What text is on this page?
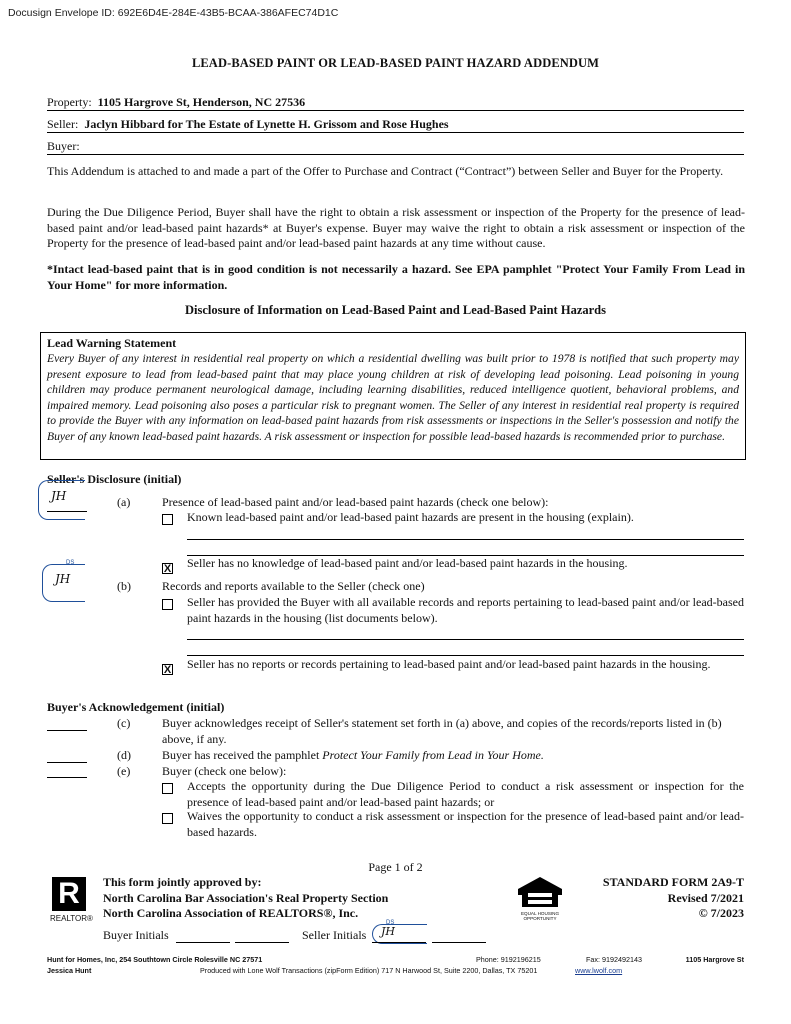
Docusign Envelope ID: 692E6D4E-284E-43B5-BCAA-386AFEC74D1C
LEAD-BASED PAINT OR LEAD-BASED PAINT HAZARD ADDENDUM
Property: 1105 Hargrove St, Henderson, NC 27536
Seller: Jaclyn Hibbard for The Estate of Lynette H. Grissom and Rose Hughes
Buyer:
This Addendum is attached to and made a part of the Offer to Purchase and Contract (“Contract”) between Seller and Buyer for the Property.
During the Due Diligence Period, Buyer shall have the right to obtain a risk assessment or inspection of the Property for the presence of lead-based paint and/or lead-based paint hazards* at Buyer's expense. Buyer may waive the right to obtain a risk assessment or inspection of the Property for the presence of lead-based paint and/or lead-based paint hazards at any time without cause.
*Intact lead-based paint that is in good condition is not necessarily a hazard. See EPA pamphlet "Protect Your Family From Lead in Your Home" for more information.
Disclosure of Information on Lead-Based Paint and Lead-Based Paint Hazards
Lead Warning Statement
Every Buyer of any interest in residential real property on which a residential dwelling was built prior to 1978 is notified that such property may present exposure to lead from lead-based paint that may place young children at risk of developing lead poisoning. Lead poisoning in young children may produce permanent neurological damage, including learning disabilities, reduced intelligence quotient, behavioral problems, and impaired memory. Lead poisoning also poses a particular risk to pregnant women. The Seller of any interest in residential real property is required to provide the Buyer with any information on lead-based paint hazards from risk assessments or inspections in the Seller's possession and notify the Buyer of any known lead-based paint hazards. A risk assessment or inspection for possible lead-based hazards is recommended prior to purchase.
Seller's Disclosure (initial)
JH	(a)	Presence of lead-based paint and/or lead-based paint hazards (check one below):
Known lead-based paint and/or lead-based paint hazards are present in the housing (explain).
X Seller has no knowledge of lead-based paint and/or lead-based paint hazards in the housing.
DS
JH	(b)	Records and reports available to the Seller (check one)
Seller has provided the Buyer with all available records and reports pertaining to lead-based paint and/or lead-based paint hazards in the housing (list documents below).
X Seller has no reports or records pertaining to lead-based paint and/or lead-based paint hazards in the housing.
Buyer's Acknowledgement (initial)
(c)	Buyer acknowledges receipt of Seller's statement set forth in (a) above, and copies of the records/reports listed in (b) above, if any.
(d)	Buyer has received the pamphlet Protect Your Family from Lead in Your Home.
(e)	Buyer (check one below):
Accepts the opportunity during the Due Diligence Period to conduct a risk assessment or inspection for the presence of lead-based paint and/or lead-based paint hazards; or
Waives the opportunity to conduct a risk assessment or inspection for the presence of lead-based paint and/or lead-based hazards.
Page 1 of 2
R
REALTOR®
This form jointly approved by:
North Carolina Bar Association's Real Property Section
North Carolina Association of REALTORS®, Inc.	EQUAL HOUSING OPPORTUNITY
STANDARD FORM 2A9-T
Revised 7/2021
© 7/2023
Buyer Initials	Seller Initials
DS
JH
Hunt for Homes, Inc, 254 Southtown Circle Rolesville NC 27571	Phone: 9192196215	Fax: 9192492143	1105 Hargrove St
Jessica Hunt	Produced with Lone Wolf Transactions (zipForm Edition) 717 N Harwood St, Suite 2200, Dallas, TX 75201	www.lwolf.com
